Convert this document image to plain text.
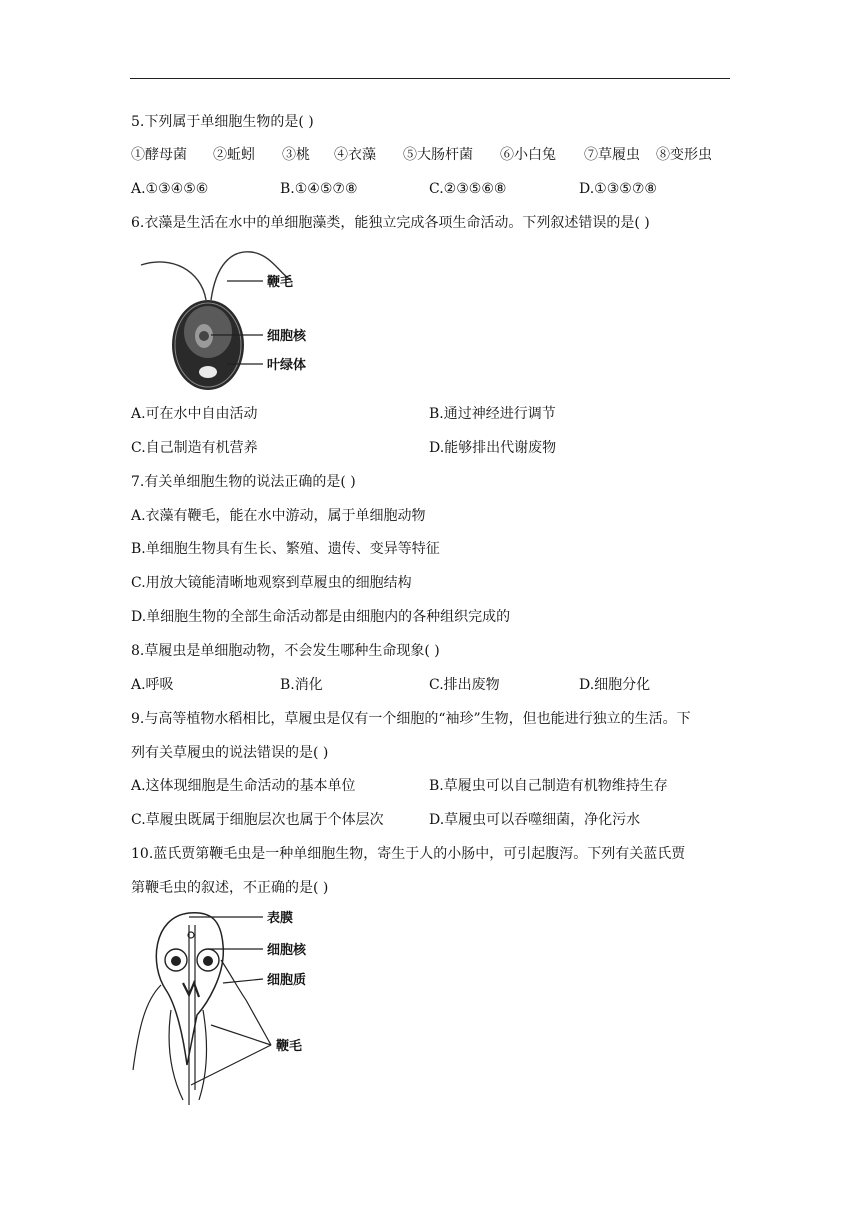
5.下列属于单细胞生物的是( )
①酵母菌 ②蚯蚓 ③桃 ④衣藻 ⑤大肠杆菌 ⑥小白兔 ⑦草履虫 ⑧变形虫
A.①③④⑤⑥	B.①④⑤⑦⑧	C.②③⑤⑥⑧	D.①③⑤⑦⑧
6.衣藻是生活在水中的单细胞藻类，能独立完成各项生命活动。下列叙述错误的是( )
鞭毛
细胞核
叶绿体
A.可在水中自由活动	B.通过神经进行调节
C.自己制造有机营养	D.能够排出代谢废物
7.有关单细胞生物的说法正确的是( )
A.衣藻有鞭毛，能在水中游动，属于单细胞动物
B.单细胞生物具有生长、繁殖、遗传、变异等特征
C.用放大镜能清晰地观察到草履虫的细胞结构
D.单细胞生物的全部生命活动都是由细胞内的各种组织完成的
8.草履虫是单细胞动物，不会发生哪种生命现象( )
A.呼吸	B.消化	C.排出废物	D.细胞分化
9.与高等植物水稻相比，草履虫是仅有一个细胞的“袖珍”生物，但也能进行独立的生活。下
列有关草履虫的说法错误的是( )
A.这体现细胞是生命活动的基本单位	B.草履虫可以自己制造有机物维持生存
C.草履虫既属于细胞层次也属于个体层次	D.草履虫可以吞噬细菌，净化污水
10.蓝氏贾第鞭毛虫是一种单细胞生物，寄生于人的小肠中，可引起腹泻。下列有关蓝氏贾
第鞭毛虫的叙述，不正确的是( )
表膜
细胞核
细胞质
鞭毛
